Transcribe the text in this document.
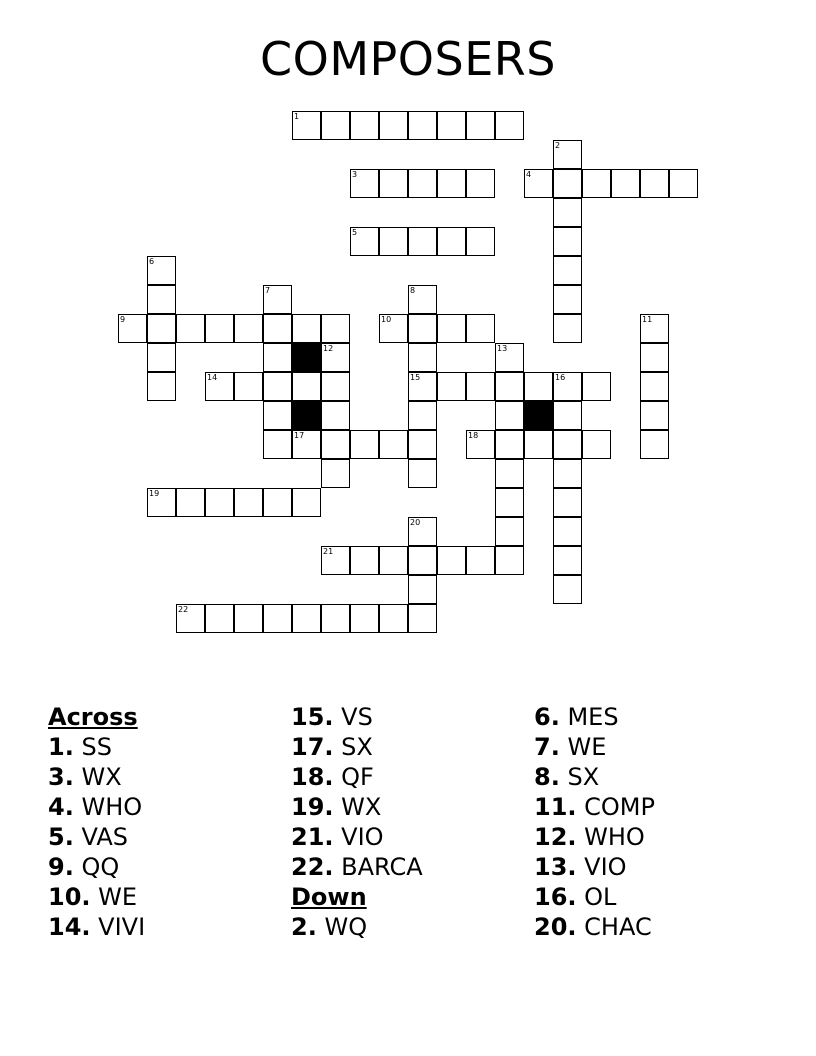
COMPOSERS
1
2
3	4
5
6
7	8
15
9	10	11
12	13
14	16
17	18
19
20
21
22
Across
1. SS
3. WX
4. WHO
5. VAS
9. QQ
10. WE
14. VIVI
15. VS
17. SX
18. QF
19. WX
21. VIO
22. BARCA
Down
2. WQ
6. MES
7. WE
8. SX
11. COMP
12. WHO
13. VIO
16. OL
20. CHAC
